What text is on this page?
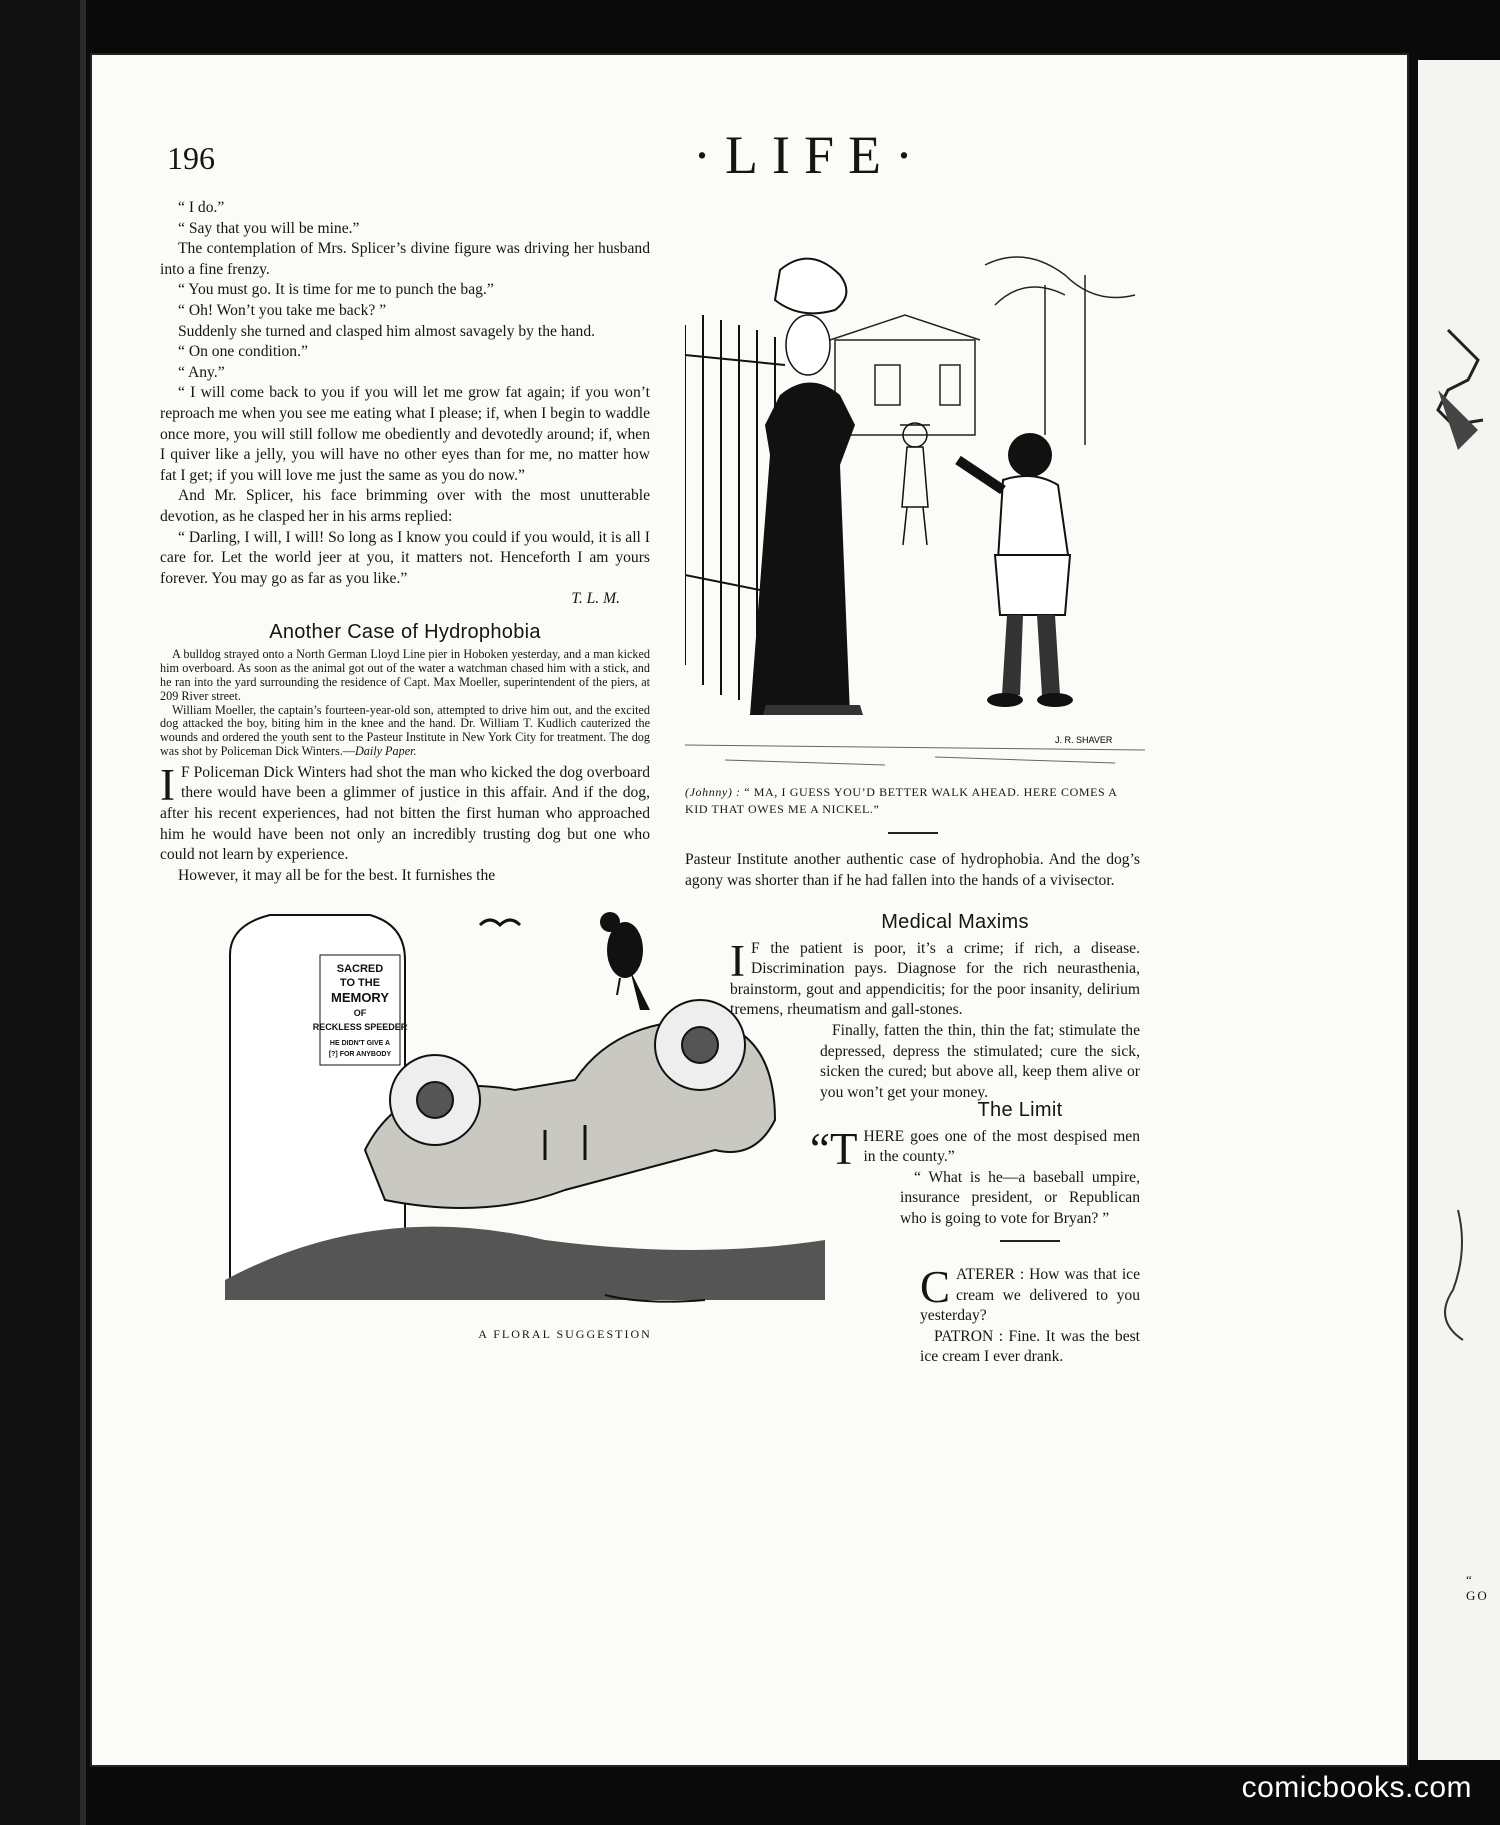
“ GO
196	·LIFE·

“ I do.”

“ Say that you will be mine.”

The contemplation of Mrs. Splicer’s divine figure was driving her husband into a fine frenzy.

“ You must go. It is time for me to punch the bag.”

“ Oh! Won’t you take me back? ”

Suddenly she turned and clasped him almost savagely by the hand.

“ On one condition.”

“ Any.”

“ I will come back to you if you will let me grow fat again; if you won’t reproach me when you see me eating what I please; if, when I begin to waddle once more, you will still follow me obediently and devotedly around; if, when I quiver like a jelly, you will have no other eyes than for me, no matter how fat I get; if you will love me just the same as you do now.”

And Mr. Splicer, his face brimming over with the most unutterable devotion, as he clasped her in his arms replied:

“ Darling, I will, I will! So long as I know you could if you would, it is all I care for. Let the world jeer at you, it matters not. Henceforth I am yours forever. You may go as far as you like.”

T. L. M.

Another Case of Hydrophobia

A bulldog strayed onto a North German Lloyd Line pier in Hoboken yesterday, and a man kicked him overboard. As soon as the animal got out of the water a watchman chased him with a stick, and he ran into the yard surrounding the residence of Capt. Max Moeller, superintendent of the piers, at 209 River street.

William Moeller, the captain’s fourteen-year-old son, attempted to drive him out, and the excited dog attacked the boy, biting him in the knee and the hand. Dr. William T. Kudlich cauterized the wounds and ordered the youth sent to the Pasteur Institute in New York City for treatment. The dog was shot by Policeman Dick Winters.—Daily Paper.

I F Policeman Dick Winters had shot the man who kicked the dog overboard there would have been a glimmer of justice in this affair. And if the dog, after his recent experiences, had not bitten the first human who approached him he would have been not only an incredibly trusting dog but one who could not learn by experience.

However, it may all be for the best. It furnishes the

J. R. SHAVER
(Johnny) : “ MA, I GUESS YOU’D BETTER WALK AHEAD. HERE COMES A KID THAT OWES ME A NICKEL.”
Pasteur Institute another authentic case of hydrophobia. And the dog’s agony was shorter than if he had fallen into the hands of a vivisector.
SACRED
TO THE
MEMORY
OF
RECKLESS SPEEDER
HE DIDN'T GIVE A
[?] FOR ANYBODY
A FLORAL SUGGESTION
Medical Maxims
I F the patient is poor, it’s a crime; if rich, a disease. Discrimination pays. Diagnose for the rich neurasthenia, brainstorm, gout and appendicitis; for the poor insanity, delirium tremens, rheumatism and gall-stones.

Finally, fatten the thin, thin the fat; stimulate the depressed, depress the stimulated; cure the sick, sicken the cured; but above all, keep them alive or you won’t get your money.

The Limit
“T HERE goes one of the most despised men in the county.”

“ What is he—a baseball umpire, insurance president, or Republican who is going to vote for Bryan? ”

C ATERER : How was that ice cream we delivered to you yesterday?

PATRON : Fine. It was the best ice cream I ever drank.

comicbooks.com
